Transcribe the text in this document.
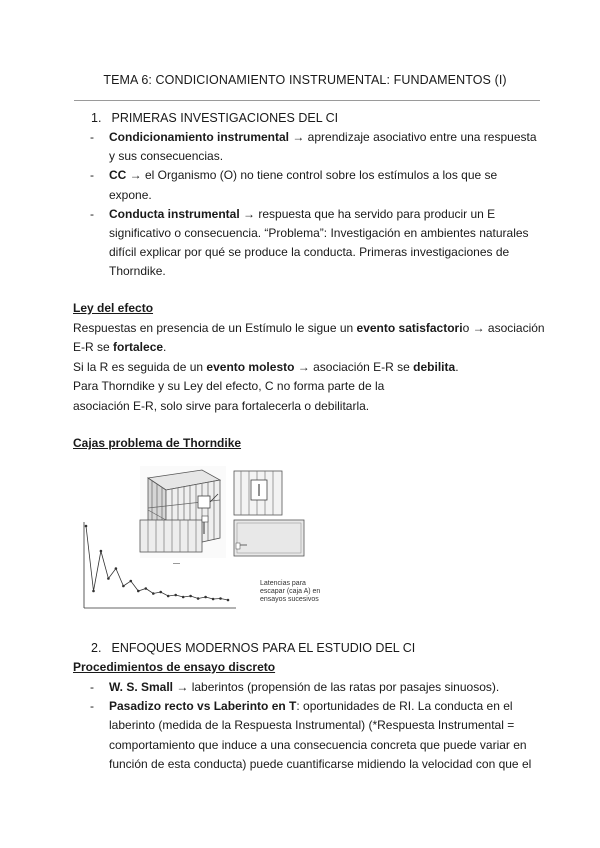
TEMA 6: CONDICIONAMIENTO INSTRUMENTAL: FUNDAMENTOS (I)
1. PRIMERAS INVESTIGACIONES DEL CI
- Condicionamiento instrumental → aprendizaje asociativo entre una respuesta y sus consecuencias.
- CC → el Organismo (O) no tiene control sobre los estímulos a los que se expone.
- Conducta instrumental → respuesta que ha servido para producir un E significativo o consecuencia. “Problema”: Investigación en ambientes naturales difícil explicar por qué se produce la conducta. Primeras investigaciones de Thorndike.

Ley del efecto

Respuestas en presencia de un Estímulo le sigue un evento satisfactorio → asociación E-R se fortalece.

Si la R es seguida de un evento molesto → asociación E-R se debilita.

Para Thorndike y su Ley del efecto, C no forma parte de la

asociación E-R, solo sirve para fortalecerla o debilitarla.

Cajas problema de Thorndike

—
Latencias para escapar (caja A) en ensayos sucesivos
2. ENFOQUES MODERNOS PARA EL ESTUDIO DEL CI

Procedimientos de ensayo discreto

- W. S. Small → laberintos (propensión de las ratas por pasajes sinuosos).
- Pasadizo recto vs Laberinto en T: oportunidades de RI. La conducta en el laberinto (medida de la Respuesta Instrumental) (*Respuesta Instrumental = comportamiento que induce a una consecuencia concreta que puede variar en función de esta conducta) puede cuantificarse midiendo la velocidad con que el
